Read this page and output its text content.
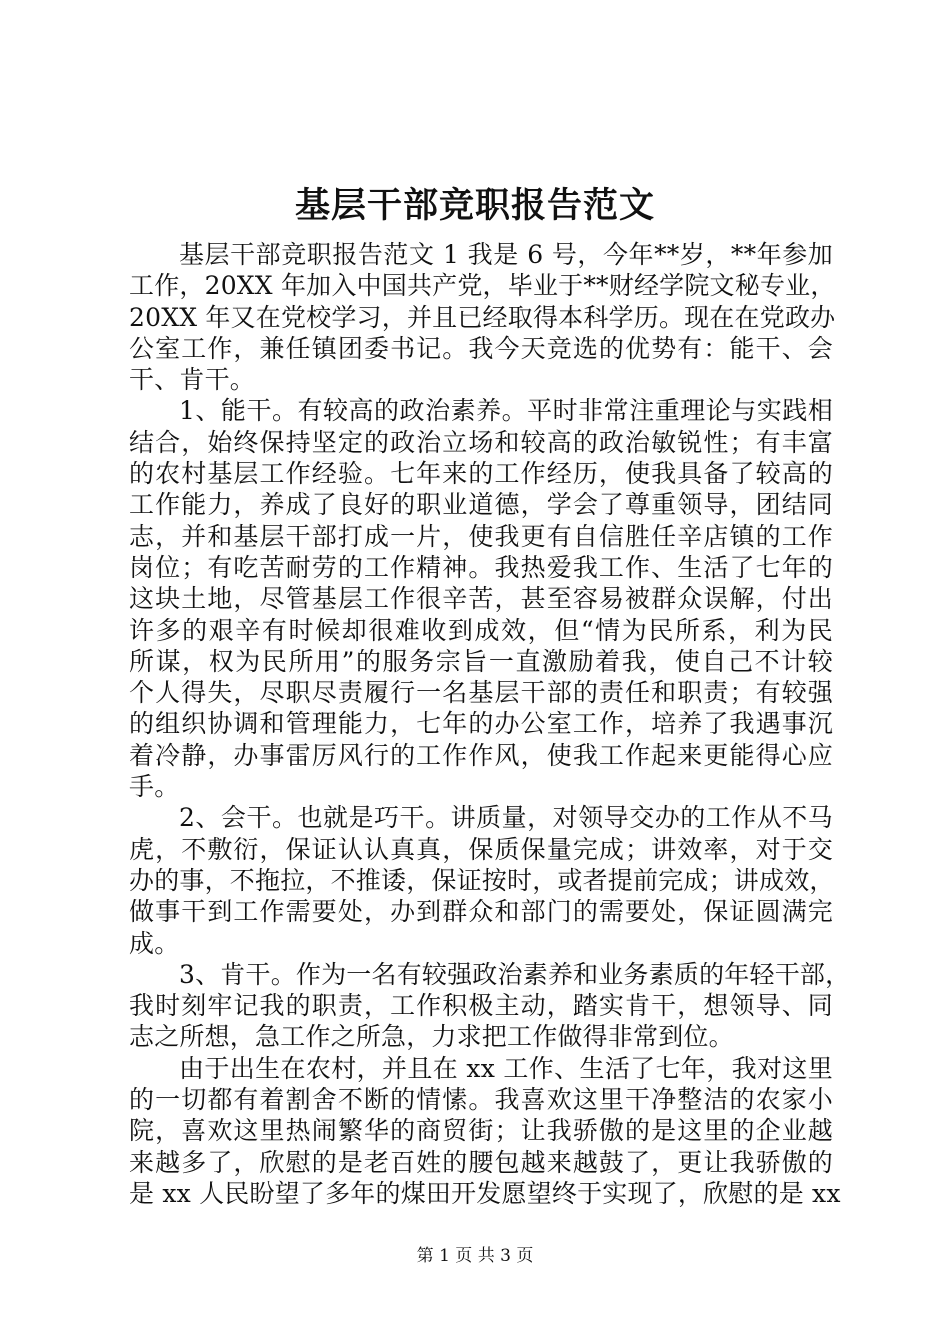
基层干部竞职报告范文
基层干部竞职报告范文 1 我是 6 号，今年**岁，**年参加
工作，20XX 年加入中国共产党，毕业于**财经学院文秘专业，
20XX 年又在党校学习，并且已经取得本科学历。现在在党政办
公室工作，兼任镇团委书记。我今天竞选的优势有：能干、会
干、肯干。
1、能干。有较高的政治素养。平时非常注重理论与实践相
结合，始终保持坚定的政治立场和较高的政治敏锐性；有丰富
的农村基层工作经验。七年来的工作经历，使我具备了较高的
工作能力，养成了良好的职业道德，学会了尊重领导，团结同
志，并和基层干部打成一片，使我更有自信胜任辛店镇的工作
岗位；有吃苦耐劳的工作精神。我热爱我工作、生活了七年的
这块土地，尽管基层工作很辛苦，甚至容易被群众误解，付出
许多的艰辛有时候却很难收到成效，但“情为民所系，利为民
所谋，权为民所用”的服务宗旨一直激励着我，使自己不计较
个人得失，尽职尽责履行一名基层干部的责任和职责；有较强
的组织协调和管理能力，七年的办公室工作，培养了我遇事沉
着冷静，办事雷厉风行的工作作风，使我工作起来更能得心应
手。
2、会干。也就是巧干。讲质量，对领导交办的工作从不马
虎，不敷衍，保证认认真真，保质保量完成；讲效率，对于交
办的事，不拖拉，不推诿，保证按时，或者提前完成；讲成效，
做事干到工作需要处，办到群众和部门的需要处，保证圆满完
成。
3、肯干。作为一名有较强政治素养和业务素质的年轻干部，
我时刻牢记我的职责，工作积极主动，踏实肯干，想领导、同
志之所想，急工作之所急，力求把工作做得非常到位。
由于出生在农村，并且在 xx 工作、生活了七年，我对这里
的一切都有着割舍不断的情愫。我喜欢这里干净整洁的农家小
院，喜欢这里热闹繁华的商贸街；让我骄傲的是这里的企业越
来越多了，欣慰的是老百姓的腰包越来越鼓了，更让我骄傲的
是 xx 人民盼望了多年的煤田开发愿望终于实现了，欣慰的是 xx
第 1 页 共 3 页
